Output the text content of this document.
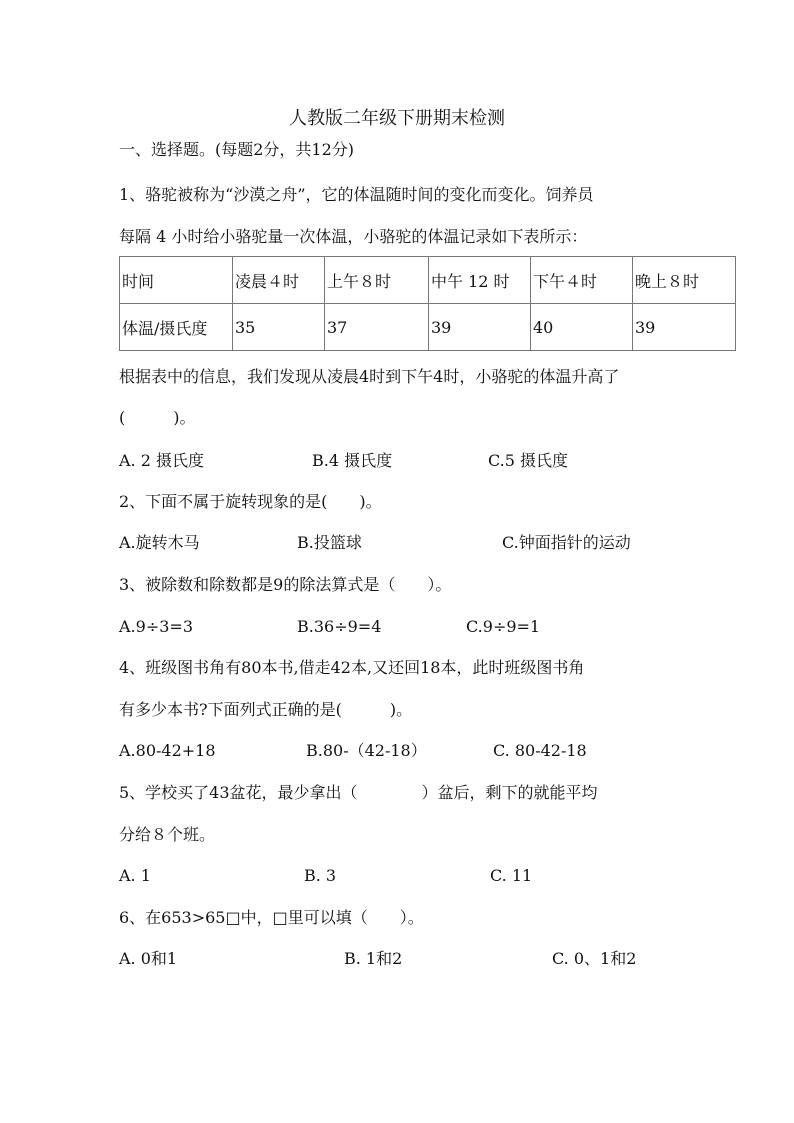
人教版二年级下册期末检测
一、选择题。(每题2分，共12分)
1、骆驼被称为“沙漠之舟”，它的体温随时间的变化而变化。饲养员
每隔 4 小时给小骆驼量一次体温，小骆驼的体温记录如下表所示：
时间	凌晨４时	上午８时	中午 12 时	下午４时	晚上８时
体温/摄氏度	35	37	39	40	39
根据表中的信息，我们发现从凌晨4时到下午4时，小骆驼的体温升高了
(　　　)。
A. 2 摄氏度	B.4 摄氏度	C.5 摄氏度
2、下面不属于旋转现象的是(　　)。
A.旋转木马	B.投篮球	C.钟面指针的运动
3、被除数和除数都是9的除法算式是（　　）。
A.9÷3=3	B.36÷9=4	C.9÷9=1
4、班级图书角有80本书,借走42本,又还回18本，此时班级图书角
有多少本书?下面列式正确的是(　　　)。
A.80-42+18	B.80-（42-18）	C. 80-42-18
5、学校买了43盆花，最少拿出（　　　　）盆后，剩下的就能平均
分给８个班。
A. 1	B. 3	C. 11
6、在653>65□中，□里可以填（　　）。
A. 0和1	B. 1和2	C. 0、1和2
